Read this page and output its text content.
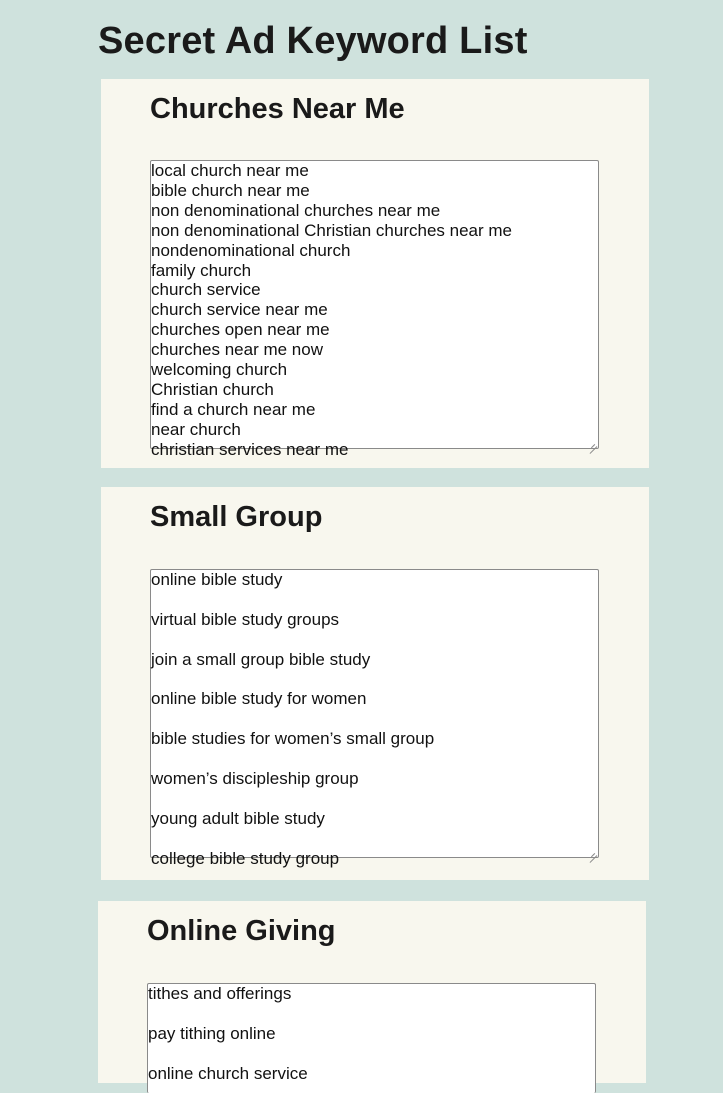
Secret Ad Keyword List
Churches Near Me
local church near me
bible church near me
non denominational churches near me
non denominational Christian churches near me
nondenominational church
family church
church service
church service near me
churches open near me
churches near me now
welcoming church
Christian church
find a church near me
near church
christian services near me
Small Group
online bible study
virtual bible study groups
join a small group bible study
online bible study for women
bible studies for women’s small group
women’s discipleship group
young adult bible study
college bible study group
Online Giving
tithes and offerings
pay tithing online
online church service
